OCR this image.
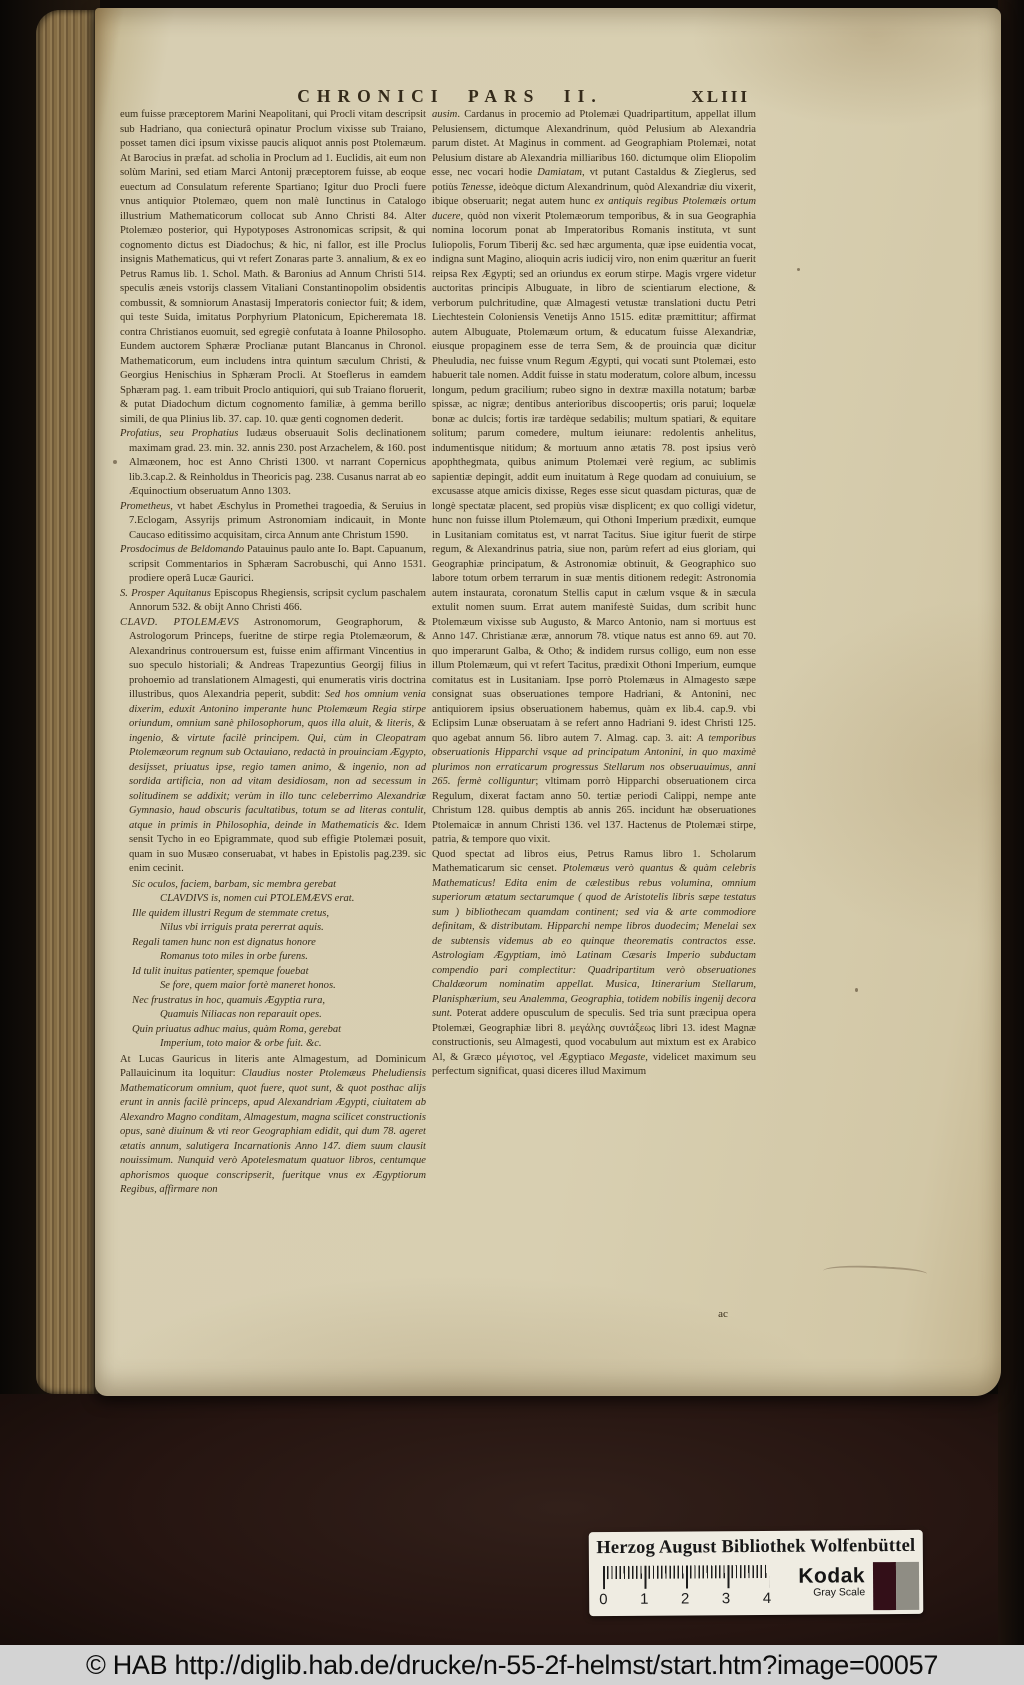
CHRONICI PARS II.	XLIII

eum fuisse præceptorem Marini Neapolitani, qui Procli vitam descripsit sub Hadriano, qua coniecturâ opinatur Proclum vixisse sub Traiano, posset tamen dici ipsum vixisse paucis aliquot annis post Ptolemæum. At Barocius in præfat. ad scholia in Proclum ad 1. Euclidis, ait eum non solùm Marini, sed etiam Marci Antonij præceptorem fuisse, ab eoque euectum ad Consulatum referente Spartiano; Igitur duo Procli fuere vnus antiquior Ptolemæo, quem non malè Iunctinus in Catalogo illustrium Mathematicorum collocat sub Anno Christi 84. Alter Ptolemæo posterior, qui Hypotyposes Astronomicas scripsit, & qui cognomento dictus est Diadochus; & hic, ni fallor, est ille Proclus insignis Mathematicus, qui vt refert Zonaras parte 3. annalium, & ex eo Petrus Ramus lib. 1. Schol. Math. & Baronius ad Annum Christi 514. speculis æneis vstorijs classem Vitaliani Constantinopolim obsidentis combussit, & somniorum Anastasij Imperatoris coniector fuit; & idem, qui teste Suida, imitatus Porphyrium Platonicum, Epicheremata 18. contra Christianos euomuit, sed egregiè confutata à Ioanne Philosopho. Eundem auctorem Sphæræ Proclianæ putant Blancanus in Chronol. Mathematicorum, eum includens intra quintum sæculum Christi, & Georgius Henischius in Sphæram Procli. At Stoeflerus in eamdem Sphæram pag. 1. eam tribuit Proclo antiquiori, qui sub Traiano floruerit, & putat Diadochum dictum cognomento familiæ, à gemma berillo simili, de qua Plinius lib. 37. cap. 10. quæ genti cognomen dederit.

Profatius, seu Prophatius Iudæus obseruauit Solis declinationem maximam grad. 23. min. 32. annis 230. post Arzachelem, & 160. post Almæonem, hoc est Anno Christi 1300. vt narrant Copernicus lib.3.cap.2. & Reinholdus in Theoricis pag. 238. Cusanus narrat ab eo Æquinoctium obseruatum Anno 1303.

Prometheus, vt habet Æschylus in Promethei tragoedia, & Seruius in 7.Eclogam, Assyrijs primum Astronomiam indicauit, in Monte Caucaso editissimo acquisitam, circa Annum ante Christum 1590.

Prosdocimus de Beldomando Patauinus paulo ante Io. Bapt. Capuanum, scripsit Commentarios in Sphæram Sacrobuschi, qui Anno 1531. prodiere operâ Lucæ Gaurici.

S. Prosper Aquitanus Episcopus Rhegiensis, scripsit cyclum paschalem Annorum 532. & obijt Anno Christi 466.

CLAVD. PTOLEMÆVS Astronomorum, Geographorum, & Astrologorum Princeps, fueritne de stirpe regia Ptolemæorum, & Alexandrinus controuersum est, fuisse enim affirmant Vincentius in suo speculo historiali; & Andreas Trapezuntius Georgij filius in prohoemio ad translationem Almagesti, qui enumeratis viris doctrina illustribus, quos Alexandria peperit, subdit: Sed hos omnium venia dixerim, eduxit Antonino imperante hunc Ptolemæum Regia stirpe oriundum, omnium sanè philosophorum, quos illa aluit, & literis, & ingenio, & virtute facilè principem. Qui, cùm in Cleopatram Ptolemæorum regnum sub Octauiano, redactà in prouinciam Ægypto, desijsset, priuatus ipse, regio tamen animo, & ingenio, non ad sordida artificia, non ad vitam desidiosam, non ad secessum in solitudinem se addixit; verùm in illo tunc celeberrimo Alexandriæ Gymnasio, haud obscuris facultatibus, totum se ad literas contulit, atque in primis in Philosophia, deinde in Mathematicis &c. Idem sensit Tycho in eo Epigrammate, quod sub effigie Ptolemæi posuit, quam in suo Musæo conseruabat, vt habes in Epistolis pag.239. sic enim cecinit.

Sic oculos, faciem, barbam, sic membra gerebat
CLAVDIVS is, nomen cui PTOLEMÆVS erat.
Ille quidem illustri Regum de stemmate cretus,
Nilus vbi irriguis prata pererrat aquis.
Regali tamen hunc non est dignatus honore
Romanus toto miles in orbe furens.
Id tulit inuitus patienter, spemque fouebat
Se fore, quem maior fortè maneret honos.
Nec frustratus in hoc, quamuis Ægyptia rura,
Quamuis Niliacas non reparauit opes.
Quin priuatus adhuc maius, quàm Roma, gerebat
Imperium, toto maior & orbe fuit. &c.

At Lucas Gauricus in literis ante Almagestum, ad Dominicum Pallauicinum ita loquitur: Claudius noster Ptolemæus Pheludiensis Mathematicorum omnium, quot fuere, quot sunt, & quot posthac alijs erunt in annis facilè princeps, apud Alexandriam Ægypti, ciuitatem ab Alexandro Magno conditam, Almagestum, magna scilicet constructionis opus, sanè diuinum & vti reor Geographiam edidit, qui dum 78. ageret ætatis annum, salutigera Incarnationis Anno 147. diem suum clausit nouissimum. Nunquid verò Apotelesmatum quatuor libros, centumque aphorismos quoque conscripserit, fueritque vnus ex Ægyptiorum Regibus, affirmare non

ausim. Cardanus in procemio ad Ptolemæi Quadripartitum, appellat illum Pelusiensem, dictumque Alexandrinum, quòd Pelusium ab Alexandria parum distet. At Maginus in comment. ad Geographiam Ptolemæi, notat Pelusium distare ab Alexandria milliaribus 160. dictumque olim Eliopolim esse, nec vocari hodie Damiatam, vt putant Castaldus & Zieglerus, sed potiùs Tenesse, ideòque dictum Alexandrinum, quòd Alexandriæ diu vixerit, ibique obseruarit; negat autem hunc ex antiquis regibus Ptolemæis ortum ducere, quòd non vixerit Ptolemæorum temporibus, & in sua Geographia nomina locorum ponat ab Imperatoribus Romanis instituta, vt sunt Iuliopolis, Forum Tiberij &c. sed hæc argumenta, quæ ipse euidentia vocat, indigna sunt Magino, alioquin acris iudicij viro, non enim quæritur an fuerit reipsa Rex Ægypti; sed an oriundus ex eorum stirpe. Magis vrgere videtur auctoritas principis Albuguate, in libro de scientiarum electione, & verborum pulchritudine, quæ Almagesti vetustæ translationi ductu Petri Liechtestein Coloniensis Venetijs Anno 1515. editæ præmittitur; affirmat autem Albuguate, Ptolemæum ortum, & educatum fuisse Alexandriæ, eiusque propaginem esse de terra Sem, & de prouincia quæ dicitur Pheuludia, nec fuisse vnum Regum Ægypti, qui vocati sunt Ptolemæi, esto habuerit tale nomen. Addit fuisse in statu moderatum, colore album, incessu longum, pedum gracilium; rubeo signo in dextræ maxilla notatum; barbæ spissæ, ac nigræ; dentibus anterioribus discoopertis; oris parui; loquelæ bonæ ac dulcis; fortis iræ tardèque sedabilis; multum spatiari, & equitare solitum; parum comedere, multum ieiunare: redolentis anhelitus, indumentisque nitidum; & mortuum anno ætatis 78. post ipsius verò apophthegmata, quibus animum Ptolemæi verè regium, ac sublimis sapientiæ depingit, addit eum inuitatum à Rege quodam ad conuiuium, se excusasse atque amicis dixisse, Reges esse sicut quasdam picturas, quæ de longè spectatæ placent, sed propiùs visæ displicent; ex quo colligi videtur, hunc non fuisse illum Ptolemæum, qui Othoni Imperium prædixit, eumque in Lusitaniam comitatus est, vt narrat Tacitus. Siue igitur fuerit de stirpe regum, & Alexandrinus patria, siue non, parùm refert ad eius gloriam, qui Geographiæ principatum, & Astronomiæ obtinuit, & Geographico suo labore totum orbem terrarum in suæ mentis ditionem redegit: Astronomia autem instaurata, coronatum Stellis caput in cælum vsque & in sæcula extulit nomen suum. Errat autem manifestè Suidas, dum scribit hunc Ptolemæum vixisse sub Augusto, & Marco Antonio, nam si mortuus est Anno 147. Christianæ æræ, annorum 78. vtique natus est anno 69. aut 70. quo imperarunt Galba, & Otho; & indidem rursus colligo, eum non esse illum Ptolemæum, qui vt refert Tacitus, prædixit Othoni Imperium, eumque comitatus est in Lusitaniam. Ipse porrò Ptolemæus in Almagesto sæpe consignat suas obseruationes tempore Hadriani, & Antonini, nec antiquiorem ipsius obseruationem habemus, quàm ex lib.4. cap.9. vbi Eclipsim Lunæ obseruatam à se refert anno Hadriani 9. idest Christi 125. quo agebat annum 56. libro autem 7. Almag. cap. 3. ait: A temporibus obseruationis Hipparchi vsque ad principatum Antonini, in quo maximè plurimos non erraticarum progressus Stellarum nos obseruauimus, anni 265. fermè colliguntur; vltimam porrò Hipparchi obseruationem circa Regulum, dixerat factam anno 50. tertiæ periodi Calippi, nempe ante Christum 128. quibus demptis ab annis 265. incidunt hæ obseruationes Ptolemaicæ in annum Christi 136. vel 137. Hactenus de Ptolemæi stirpe, patria, & tempore quo vixit.

Quod spectat ad libros eius, Petrus Ramus libro 1. Scholarum Mathematicarum sic censet. Ptolemæus verò quantus & quàm celebris Mathematicus! Edita enim de cælestibus rebus volumina, omnium superiorum ætatum sectarumque ( quod de Aristotelis libris sæpe testatus sum ) bibliothecam quamdam continent; sed via & arte commodiore definitam, & distributam. Hipparchi nempe libros duodecim; Menelai sex de subtensis videmus ab eo quinque theorematis contractos esse. Astrologiam Ægyptiam, imò Latinam Cæsaris Imperio subductam compendio pari complectitur: Quadripartitum verò obseruationes Chaldæorum nominatim appellat. Musica, Itinerarium Stellarum, Planisphærium, seu Analemma, Geographia, totidem nobilis ingenij decora sunt. Poterat addere opusculum de speculis. Sed tria sunt præcipua opera Ptolemæi, Geographiæ libri 8. μεγάλης συντάξεως libri 13. idest Magnæ constructionis, seu Almagesti, quod vocabulum aut mixtum est ex Arabico Al, & Græco μέγιστος, vel Ægyptiaco Megaste, videlicet maximum seu perfectum significat, quasi diceres illud Maximum

ac
Herzog August Bibliothek Wolfenbüttel
0 1 2 3 4
Kodak
Gray Scale
© HAB http://diglib.hab.de/drucke/n-55-2f-helmst/start.htm?image=00057
